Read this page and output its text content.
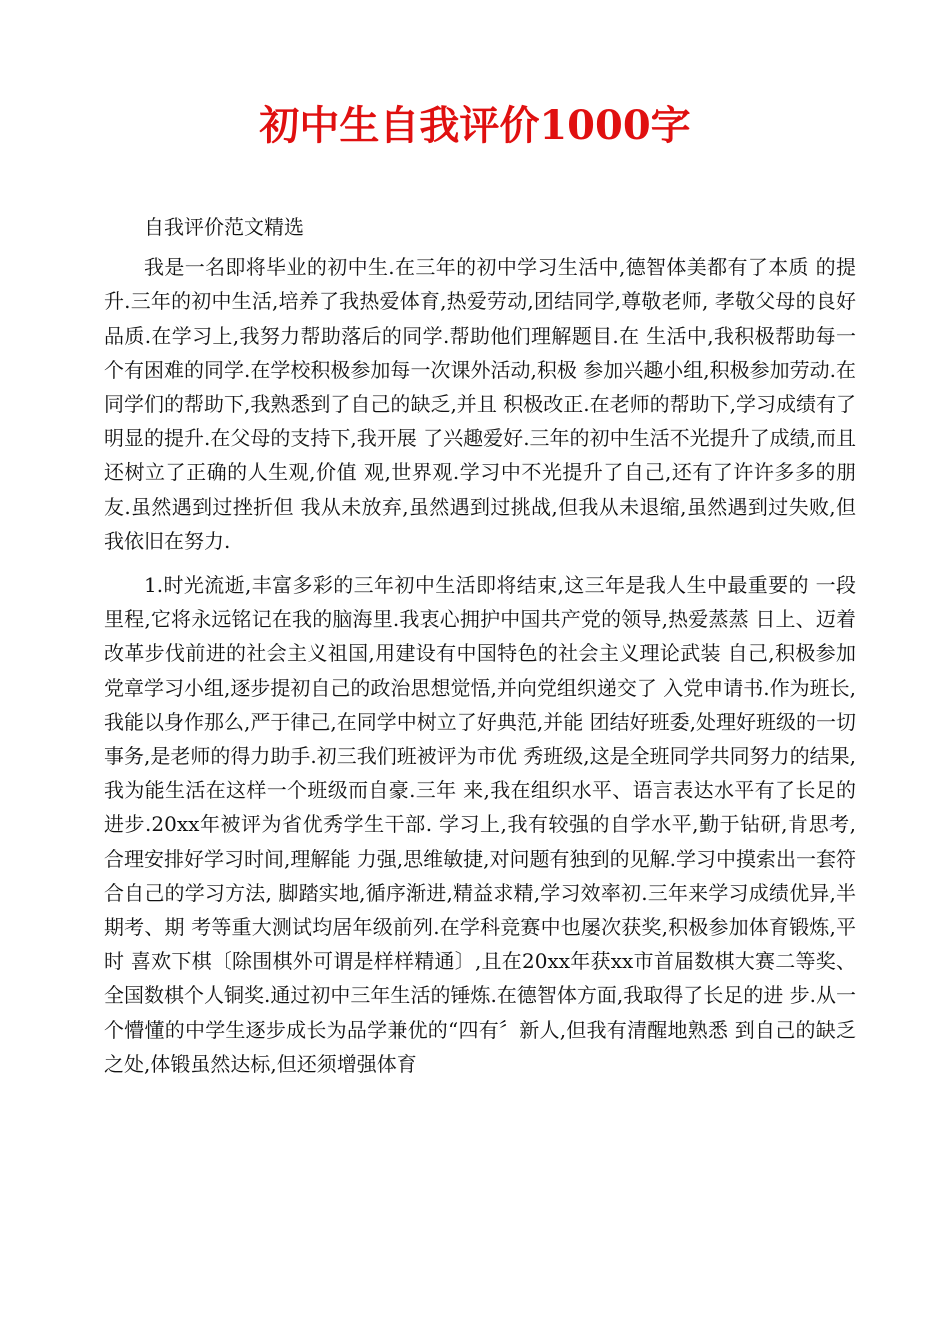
初中生自我评价1000字

自我评价范文精选

我是一名即将毕业的初中生.在三年的初中学习生活中,德智体美都有了本质 的提升.三年的初中生活,培养了我热爱体育,热爱劳动,团结同学,尊敬老师, 孝敬父母的良好品质.在学习上,我努力帮助落后的同学.帮助他们理解题目.在 生活中,我积极帮助每一个有困难的同学.在学校积极参加每一次课外活动,积极 参加兴趣小组,积极参加劳动.在同学们的帮助下,我熟悉到了自己的缺乏,并且 积极改正.在老师的帮助下,学习成绩有了明显的提升.在父母的支持下,我开展 了兴趣爱好.三年的初中生活不光提升了成绩,而且还树立了正确的人生观,价值 观,世界观.学习中不光提升了自己,还有了许许多多的朋友.虽然遇到过挫折但 我从未放弃,虽然遇到过挑战,但我从未退缩,虽然遇到过失败,但我依旧在努力.

1.时光流逝,丰富多彩的三年初中生活即将结束,这三年是我人生中最重要的 一段里程,它将永远铭记在我的脑海里.我衷心拥护中国共产党的领导,热爱蒸蒸 日上、迈着改革步伐前进的社会主义祖国,用建设有中国特色的社会主义理论武装 自己,积极参加党章学习小组,逐步提初自己的政治思想觉悟,并向党组织递交了 入党申请书.作为班长,我能以身作那么,严于律己,在同学中树立了好典范,并能 团结好班委,处理好班级的一切事务,是老师的得力助手.初三我们班被评为市优 秀班级,这是全班同学共同努力的结果,我为能生活在这样一个班级而自豪.三年 来,我在组织水平、语言表达水平有了长足的进步.20xx年被评为省优秀学生干部. 学习上,我有较强的自学水平,勤于钻研,肯思考,合理安排好学习时间,理解能 力强,思维敏捷,对问题有独到的见解.学习中摸索出一套符合自己的学习方法, 脚踏实地,循序渐进,精益求精,学习效率初.三年来学习成绩优异,半期考、期 考等重大测试均居年级前列.在学科竞赛中也屡次获奖,积极参加体育锻炼,平时 喜欢下棋〔除围棋外可谓是样样精通〕,且在20xx年获xx市首届数棋大赛二等奖、 全国数棋个人铜奖.通过初中三年生活的锤炼.在德智体方面,我取得了长足的进 步.从一个懵懂的中学生逐步成长为品学兼优的“四有〞新人,但我有清醒地熟悉 到自己的缺乏之处,体锻虽然达标,但还须增强体育
